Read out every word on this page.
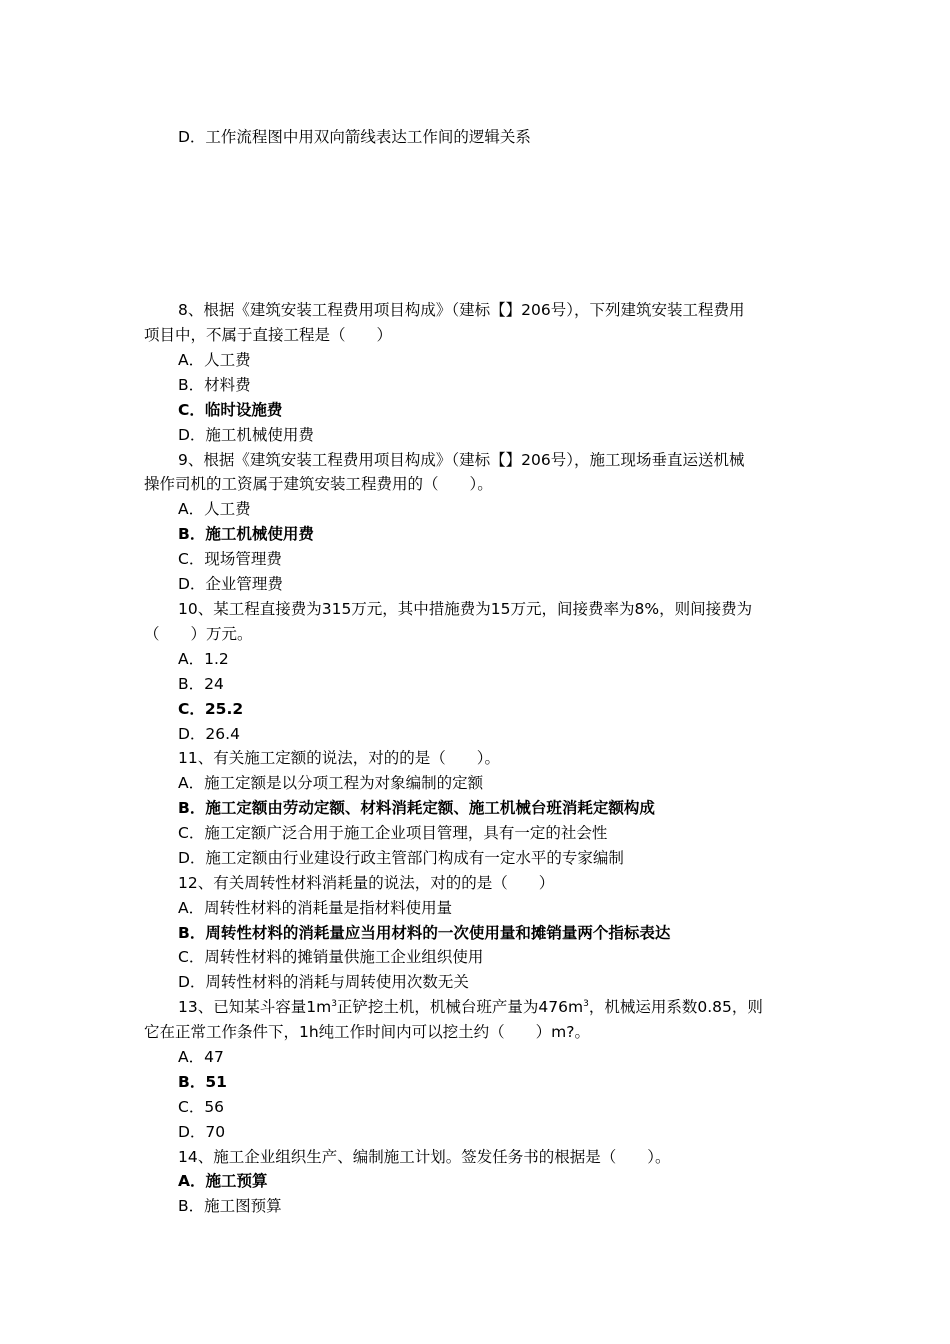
D．工作流程图中用双向箭线表达工作间的逻辑关系
8、根据《建筑安装工程费用项目构成》（建标【】206号），下列建筑安装工程费用
项目中，不属于直接工程是（　　）
A．人工费
B．材料费
C．临时设施费
D．施工机械使用费
9、根据《建筑安装工程费用项目构成》（建标【】206号），施工现场垂直运送机械
操作司机的工资属于建筑安装工程费用的（　　）。
A．人工费
B．施工机械使用费
C．现场管理费
D．企业管理费
10、某工程直接费为315万元，其中措施费为15万元，间接费率为8%，则间接费为
（　　）万元。
A．1.2
B．24
C．25.2
D．26.4
11、有关施工定额的说法，对的的是（　　）。
A．施工定额是以分项工程为对象编制的定额
B．施工定额由劳动定额、材料消耗定额、施工机械台班消耗定额构成
C．施工定额广泛合用于施工企业项目管理，具有一定的社会性
D．施工定额由行业建设行政主管部门构成有一定水平的专家编制
12、有关周转性材料消耗量的说法，对的的是（　　）
A．周转性材料的消耗量是指材料使用量
B．周转性材料的消耗量应当用材料的一次使用量和摊销量两个指标表达
C．周转性材料的摊销量供施工企业组织使用
D．周转性材料的消耗与周转使用次数无关
13、已知某斗容量$1m^3$正铲挖土机，机械台班产量为$476m^3$，机械运用系数0.85，则
它在正常工作条件下，1h纯工作时间内可以挖土约（　　）m?。
A．47
B．51
C．56
D．70
14、施工企业组织生产、编制施工计划。签发任务书的根据是（　　）。
A．施工预算
B．施工图预算
